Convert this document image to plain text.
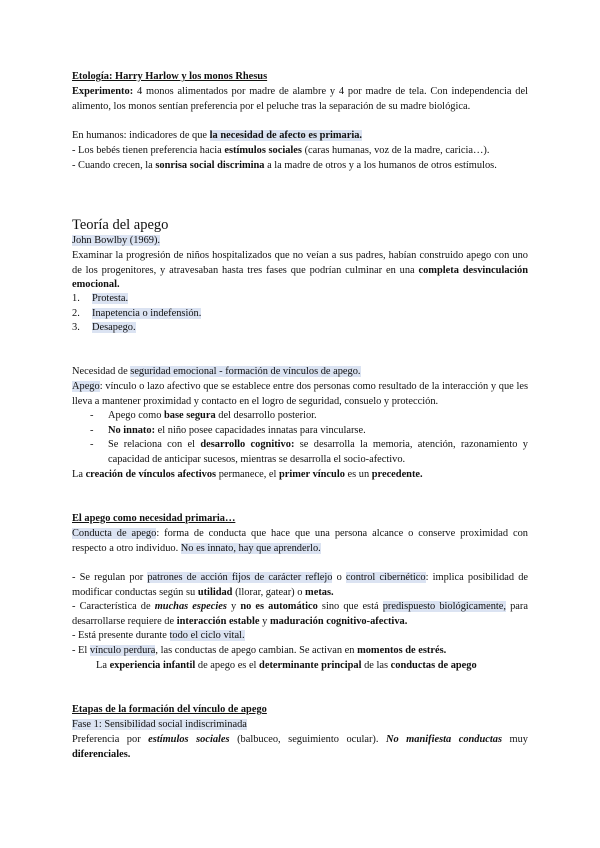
Etología: Harry Harlow y los monos Rhesus

Experimento: 4 monos alimentados por madre de alambre y 4 por madre de tela. Con independencia del alimento, los monos sentían preferencia por el peluche tras la separación de su madre biológica.

En humanos: indicadores de que la necesidad de afecto es primaria.

- Los bebés tienen preferencia hacia estímulos sociales (caras humanas, voz de la madre, caricia…).

- Cuando crecen, la sonrisa social discrimina a la madre de otros y a los humanos de otros estímulos.

Teoría del apego

John Bowlby (1969).

Examinar la progresión de niños hospitalizados que no veían a sus padres, habían construido apego con uno de los progenitores, y atravesaban hasta tres fases que podrían culminar en una completa desvinculación emocional.

1. Protesta.
2. Inapetencia o indefensión.
3. Desapego.

Necesidad de seguridad emocional - formación de vínculos de apego.

Apego: vínculo o lazo afectivo que se establece entre dos personas como resultado de la interacción y que les lleva a mantener proximidad y contacto en el logro de seguridad, consuelo y protección.

- Apego como base segura del desarrollo posterior.
- No innato: el niño posee capacidades innatas para vincularse.
- Se relaciona con el desarrollo cognitivo: se desarrolla la memoria, atención, razonamiento y capacidad de anticipar sucesos, mientras se desarrolla el socio-afectivo.

La creación de vínculos afectivos permanece, el primer vínculo es un precedente.

El apego como necesidad primaria…

Conducta de apego: forma de conducta que hace que una persona alcance o conserve proximidad con respecto a otro individuo. No es innato, hay que aprenderlo.

- Se regulan por patrones de acción fijos de carácter reflejo o control cibernético: implica posibilidad de modificar conductas según su utilidad (llorar, gatear) o metas.

- Característica de muchas especies y no es automático sino que está predispuesto biológicamente, para desarrollarse requiere de interacción estable y maduración cognitivo-afectiva.

- Está presente durante todo el ciclo vital.

- El vínculo perdura, las conductas de apego cambian. Se activan en momentos de estrés.

La experiencia infantil de apego es el determinante principal de las conductas de apego

Etapas de la formación del vínculo de apego

Fase 1: Sensibilidad social indiscriminada

Preferencia por estímulos sociales (balbuceo, seguimiento ocular). No manifiesta conductas muy diferenciales.
